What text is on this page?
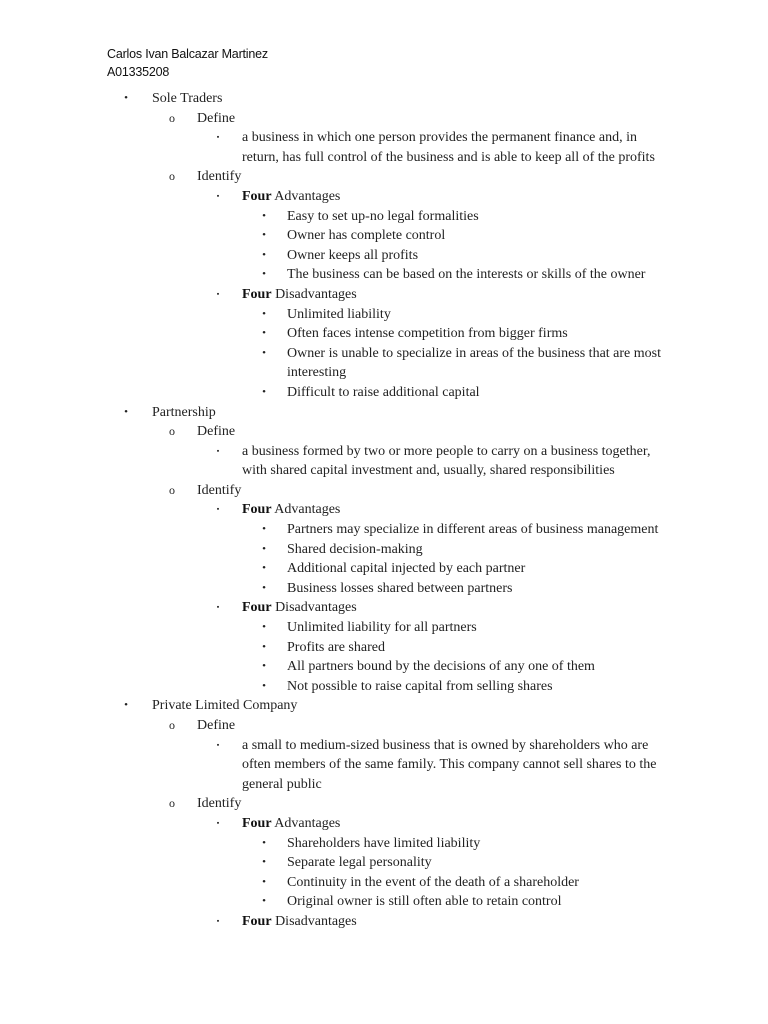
Carlos Ivan Balcazar Martinez
A01335208
•	Sole Traders
o Define
▪	a business in which one person provides the permanent finance and, in
return, has full control of the business and is able to keep all of the profits
o Identify
▪	Four Advantages
•	Easy to set up-no legal formalities
•	Owner has complete control
•	Owner keeps all profits
•	The business can be based on the interests or skills of the owner
▪	Four Disadvantages
•	Unlimited liability
•	Often faces intense competition from bigger firms
•	Owner is unable to specialize in areas of the business that are most
interesting
•	Difficult to raise additional capital
•	Partnership
o Define
▪	a business formed by two or more people to carry on a business together,
with shared capital investment and, usually, shared responsibilities
o Identify
▪	Four Advantages
•	Partners may specialize in different areas of business management
•	Shared decision-making
•	Additional capital injected by each partner
•	Business losses shared between partners
▪	Four Disadvantages
•	Unlimited liability for all partners
•	Profits are shared
•	All partners bound by the decisions of any one of them
•	Not possible to raise capital from selling shares
•	Private Limited Company
o Define
▪	a small to medium-sized business that is owned by shareholders who are
often members of the same family. This company cannot sell shares to the
general public
o Identify
▪	Four Advantages
•	Shareholders have limited liability
•	Separate legal personality
•	Continuity in the event of the death of a shareholder
•	Original owner is still often able to retain control
▪	Four Disadvantages
